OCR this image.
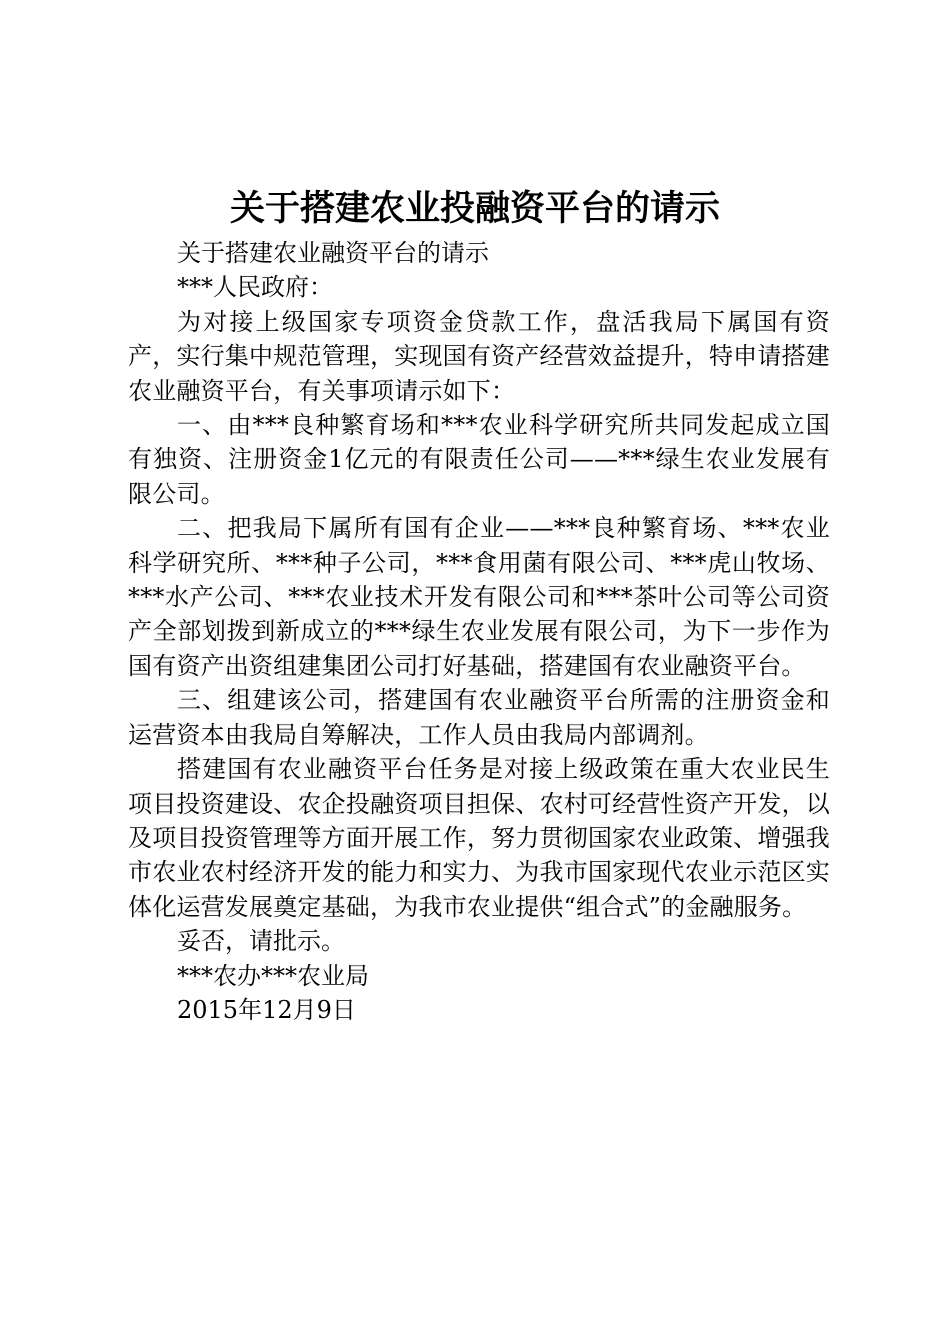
关于搭建农业投融资平台的请示

关于搭建农业融资平台的请示

***人民政府：

为对接上级国家专项资金贷款工作，盘活我局下属国有资产，实行集中规范管理，实现国有资产经营效益提升，特申请搭建农业融资平台，有关事项请示如下：

一、由***良种繁育场和***农业科学研究所共同发起成立国有独资、注册资金1亿元的有限责任公司——***绿生农业发展有限公司。

二、把我局下属所有国有企业——***良种繁育场、***农业科学研究所、***种子公司，***食用菌有限公司、***虎山牧场、***水产公司、***农业技术开发有限公司和***茶叶公司等公司资产全部划拨到新成立的***绿生农业发展有限公司，为下一步作为国有资产出资组建集团公司打好基础，搭建国有农业融资平台。

三、组建该公司，搭建国有农业融资平台所需的注册资金和运营资本由我局自筹解决，工作人员由我局内部调剂。

搭建国有农业融资平台任务是对接上级政策在重大农业民生项目投资建设、农企投融资项目担保、农村可经营性资产开发，以及项目投资管理等方面开展工作，努力贯彻国家农业政策、增强我市农业农村经济开发的能力和实力、为我市国家现代农业示范区实体化运营发展奠定基础，为我市农业提供“组合式”的金融服务。

妥否，请批示。

***农办***农业局

2015年12月9日
